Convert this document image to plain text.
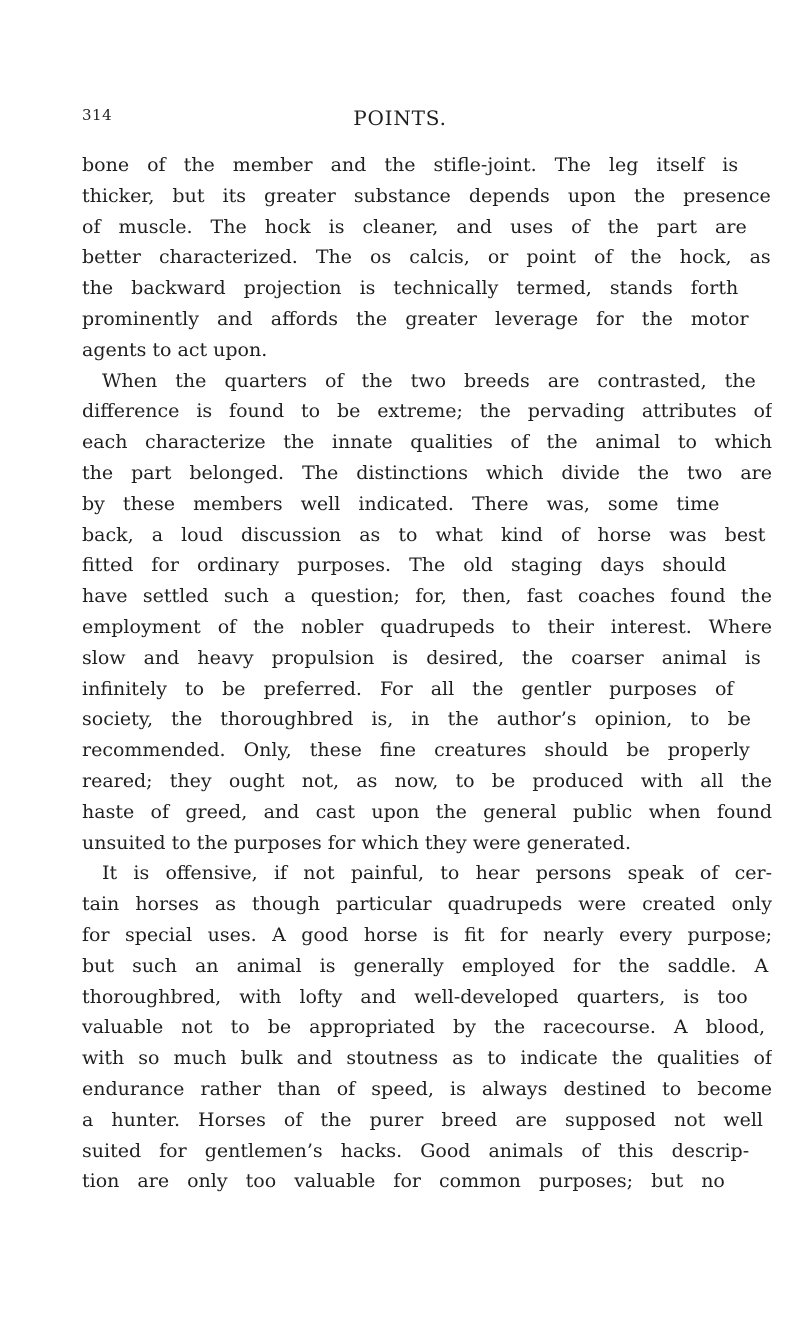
314	POINTS.
bone of the member and the stifle-joint. The leg itself is
thicker, but its greater substance depends upon the presence
of muscle. The hock is cleaner, and uses of the part are
better characterized. The os calcis, or point of the hock, as
the backward projection is technically termed, stands forth
prominently and affords the greater leverage for the motor
agents to act upon.
When the quarters of the two breeds are contrasted, the
difference is found to be extreme; the pervading attributes of
each characterize the innate qualities of the animal to which
the part belonged. The distinctions which divide the two are
by these members well indicated. There was, some time
back, a loud discussion as to what kind of horse was best
fitted for ordinary purposes. The old staging days should
have settled such a question; for, then, fast coaches found the
employment of the nobler quadrupeds to their interest. Where
slow and heavy propulsion is desired, the coarser animal is
infinitely to be preferred. For all the gentler purposes of
society, the thoroughbred is, in the author’s opinion, to be
recommended. Only, these fine creatures should be properly
reared; they ought not, as now, to be produced with all the
haste of greed, and cast upon the general public when found
unsuited to the purposes for which they were generated.
It is offensive, if not painful, to hear persons speak of cer-
tain horses as though particular quadrupeds were created only
for special uses. A good horse is fit for nearly every purpose;
but such an animal is generally employed for the saddle. A
thoroughbred, with lofty and well-developed quarters, is too
valuable not to be appropriated by the racecourse. A blood,
with so much bulk and stoutness as to indicate the qualities of
endurance rather than of speed, is always destined to become
a hunter. Horses of the purer breed are supposed not well
suited for gentlemen’s hacks. Good animals of this descrip-
tion are only too valuable for common purposes; but no
